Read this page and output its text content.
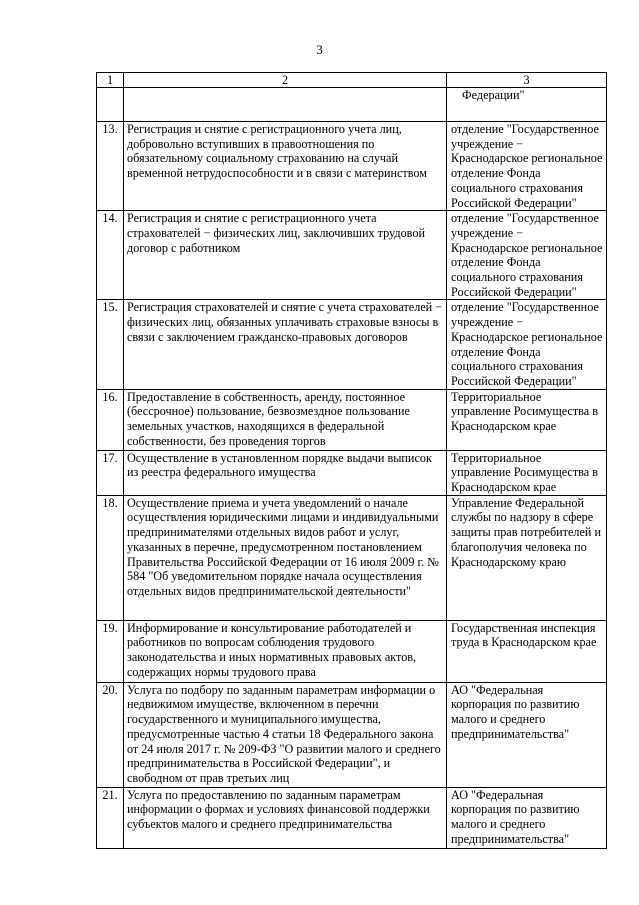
3
1	2	3

		Федерации"

13.	Регистрация и снятие с регистрационного учета лиц, добровольно вступивших в правоотношения по обязательному социальному страхованию на случай временной нетрудоспособности и в связи с материнством	отделение "Государственное учреждение − Краснодарское региональное отделение Фонда социального страхования Российской Федерации"

14.	Регистрация и снятие с регистрационного учета страхователей − физических лиц, заключивших трудовой договор с работником	отделение "Государственное учреждение − Краснодарское региональное отделение Фонда социального страхования Российской Федерации"

15.	Регистрация страхователей и снятие с учета страхователей − физических лиц, обязанных уплачивать страховые взносы в связи с заключением гражданско-правовых договоров	отделение "Государственное учреждение − Краснодарское региональное отделение Фонда социального страхования Российской Федерации"

16.	Предоставление в собственность, аренду, постоянное (бессрочное) пользование, безвозмездное пользование земельных участков, находящихся в федеральной собственности, без проведения торгов	Территориальное управление Росимущества в Краснодарском крае

17.	Осуществление в установленном порядке выдачи выписок из реестра федерального имущества	Территориальное управление Росимущества в Краснодарском крае

18.	Осуществление приема и учета уведомлений о начале осуществления юридическими лицами и индивидуальными предпринимателями отдельных видов работ и услуг, указанных в перечне, предусмотренном постановлением Правительства Российской Федерации от 16 июля 2009 г. № 584 "Об уведомительном порядке начала осуществления отдельных видов предпринимательской деятельности"	Управление Федеральной службы по надзору в сфере защиты прав потребителей и благополучия человека по Краснодарскому краю

19.	Информирование и консультирование работодателей и работников по вопросам соблюдения трудового законодательства и иных нормативных правовых актов, содержащих нормы трудового права	Государственная инспекция труда в Краснодарском крае

20.	Услуга по подбору по заданным параметрам информации о недвижимом имуществе, включенном в перечни государственного и муниципального имущества, предусмотренные частью 4 статьи 18 Федерального закона от 24 июля 2017 г. № 209-ФЗ "О развитии малого и среднего предпринимательства в Российской Федерации", и свободном от прав третьих лиц	АО "Федеральная корпорация по развитию малого и среднего предпринимательства"

21.	Услуга по предоставлению по заданным параметрам информации о формах и условиях финансовой поддержки субъектов малого и среднего предпринимательства	АО "Федеральная корпорация по развитию малого и среднего предпринимательства"
